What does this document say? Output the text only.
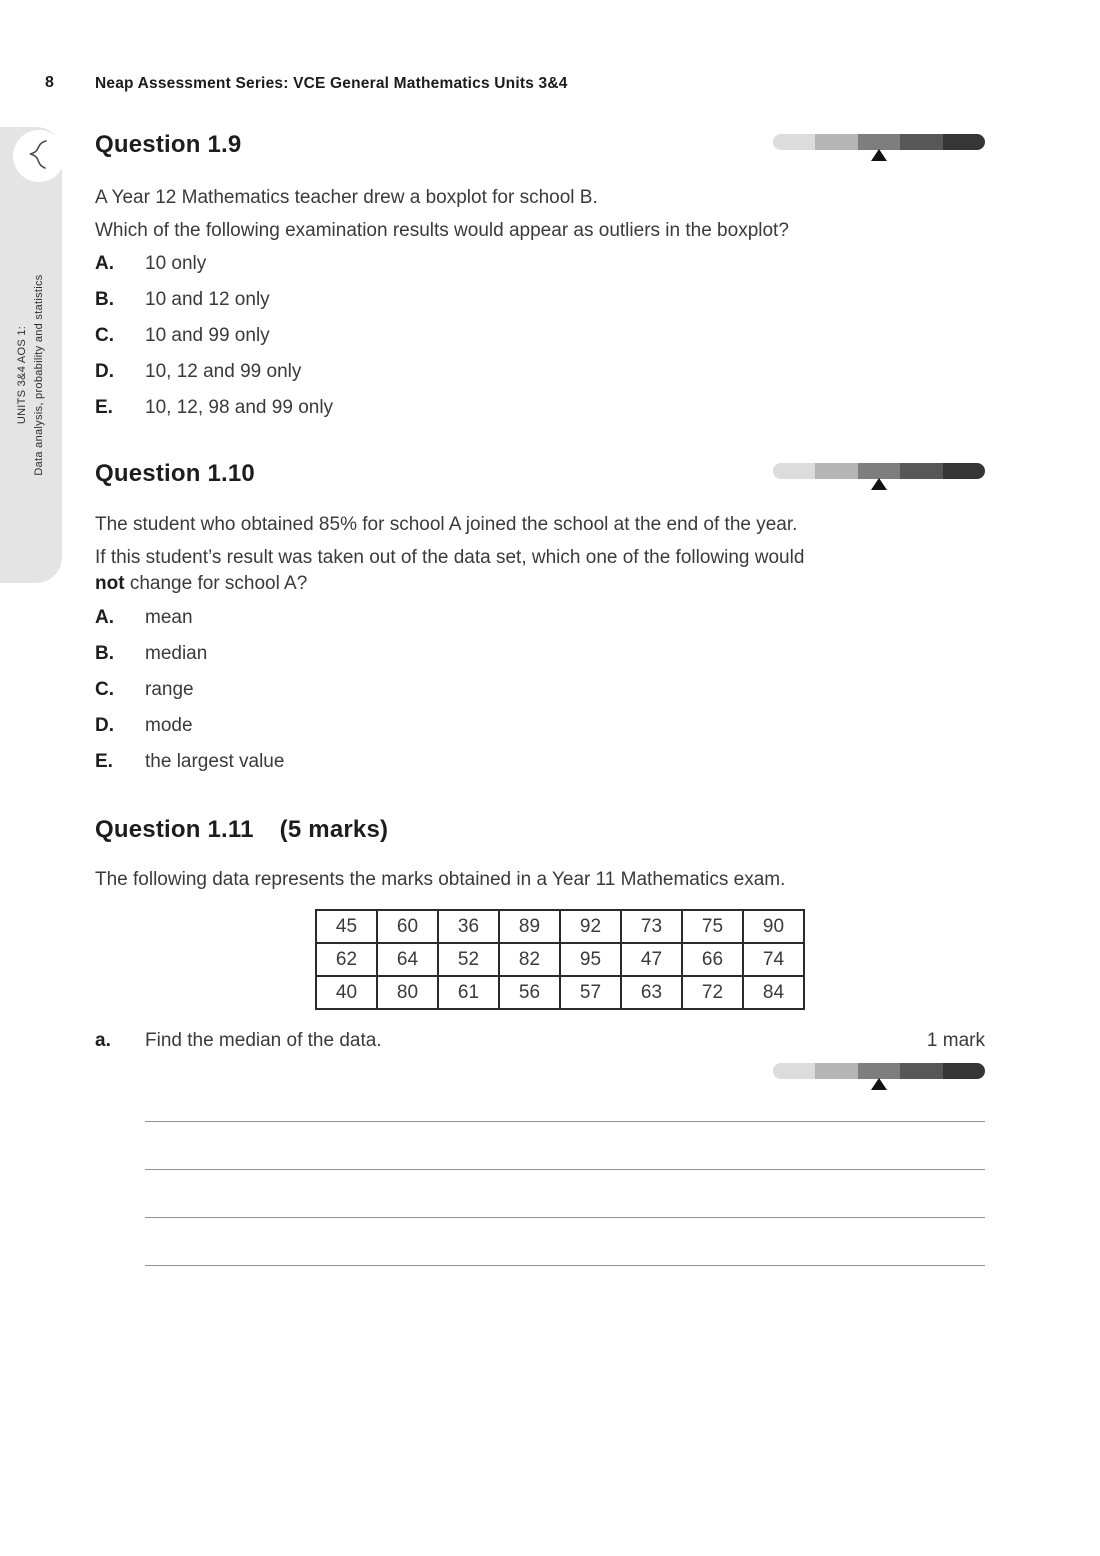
8	Neap Assessment Series: VCE General Mathematics Units 3&4
UNITS 3&4 AOS 1: Data analysis, probability and statistics
Question 1.9

A Year 12 Mathematics teacher drew a boxplot for school B.

Which of the following examination results would appear as outliers in the boxplot?

A.	10 only
B.	10 and 12 only
C.	10 and 99 only
D.	10, 12 and 99 only
E.	10, 12, 98 and 99 only
Question 1.10

The student who obtained 85% for school A joined the school at the end of the year.

If this student’s result was taken out of the data set, which one of the following would

not change for school A?

A.	mean
B.	median
C.	range
D.	mode
E.	the largest value
Question 1.11 (5 marks)

The following data represents the marks obtained in a Year 11 Mathematics exam.

45	60	36	89	92	73	75	90
62	64	52	82	95	47	66	74
40	80	61	56	57	63	72	84
a.	Find the median of the data.	1 mark
